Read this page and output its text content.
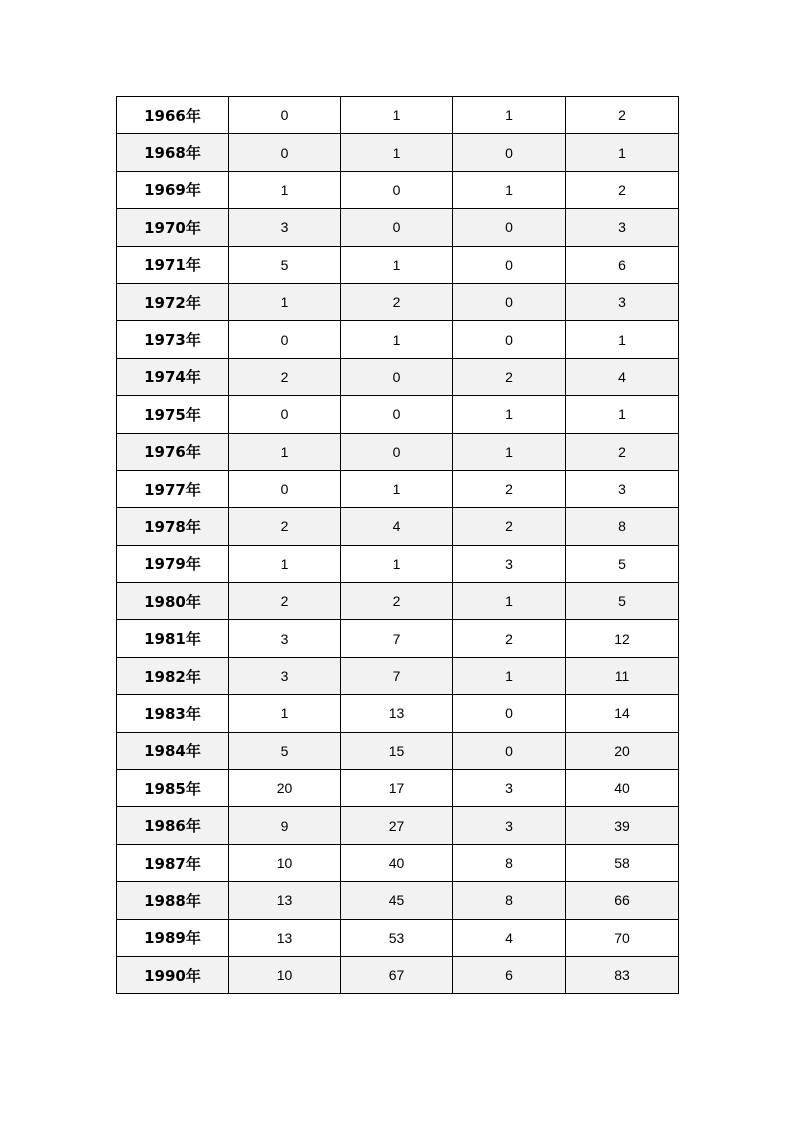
1966年	0	1	1	2
1968年	0	1	0	1
1969年	1	0	1	2
1970年	3	0	0	3
1971年	5	1	0	6
1972年	1	2	0	3
1973年	0	1	0	1
1974年	2	0	2	4
1975年	0	0	1	1
1976年	1	0	1	2
1977年	0	1	2	3
1978年	2	4	2	8
1979年	1	1	3	5
1980年	2	2	1	5
1981年	3	7	2	12
1982年	3	7	1	11
1983年	1	13	0	14
1984年	5	15	0	20
1985年	20	17	3	40
1986年	9	27	3	39
1987年	10	40	8	58
1988年	13	45	8	66
1989年	13	53	4	70
1990年	10	67	6	83
